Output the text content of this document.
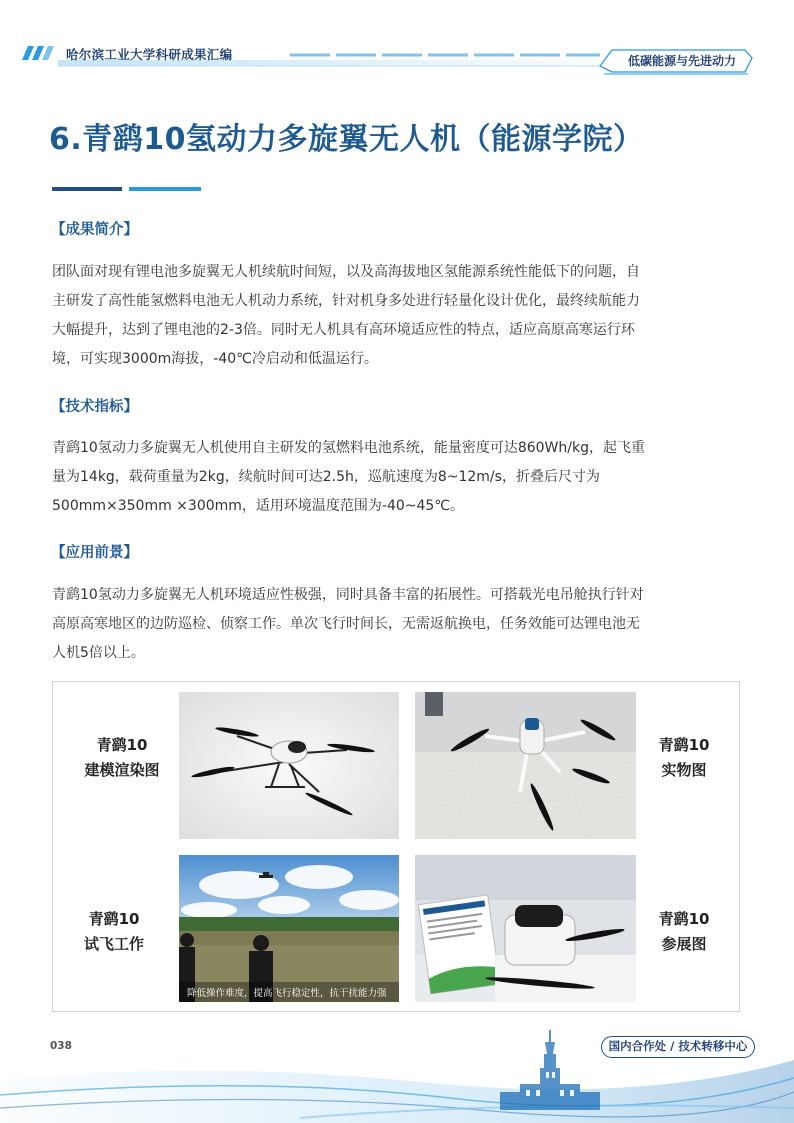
哈尔滨工业大学科研成果汇编	低碳能源与先进动力
6.青鹞10氢动力多旋翼无人机（能源学院）
【成果简介】

团队面对现有锂电池多旋翼无人机续航时间短，以及高海拔地区氢能源系统性能低下的问题，自
主研发了高性能氢燃料电池无人机动力系统，针对机身多处进行轻量化设计优化，最终续航能力
大幅提升，达到了锂电池的2-3倍。同时无人机具有高环境适应性的特点，适应高原高寒运行环
境，可实现3000m海拔，-40℃冷启动和低温运行。

【技术指标】

青鹞10氢动力多旋翼无人机使用自主研发的氢燃料电池系统，能量密度可达860Wh/kg，起飞重
量为14kg，载荷重量为2kg，续航时间可达2.5h，巡航速度为8~12m/s，折叠后尺寸为
500mm×350mm ×300mm，适用环境温度范围为-40~45℃。

【应用前景】

青鹞10氢动力多旋翼无人机环境适应性极强，同时具备丰富的拓展性。可搭载光电吊舱执行针对
高原高寒地区的边防巡检、侦察工作。单次飞行时间长，无需返航换电，任务效能可达锂电池无
人机5倍以上。

青鹞10
建模渲染图
青鹞10
实物图
青鹞10
试飞工作
青鹞10
参展图
降低操作难度，提高飞行稳定性，抗干扰能力强
038	国内合作处 / 技术转移中心
